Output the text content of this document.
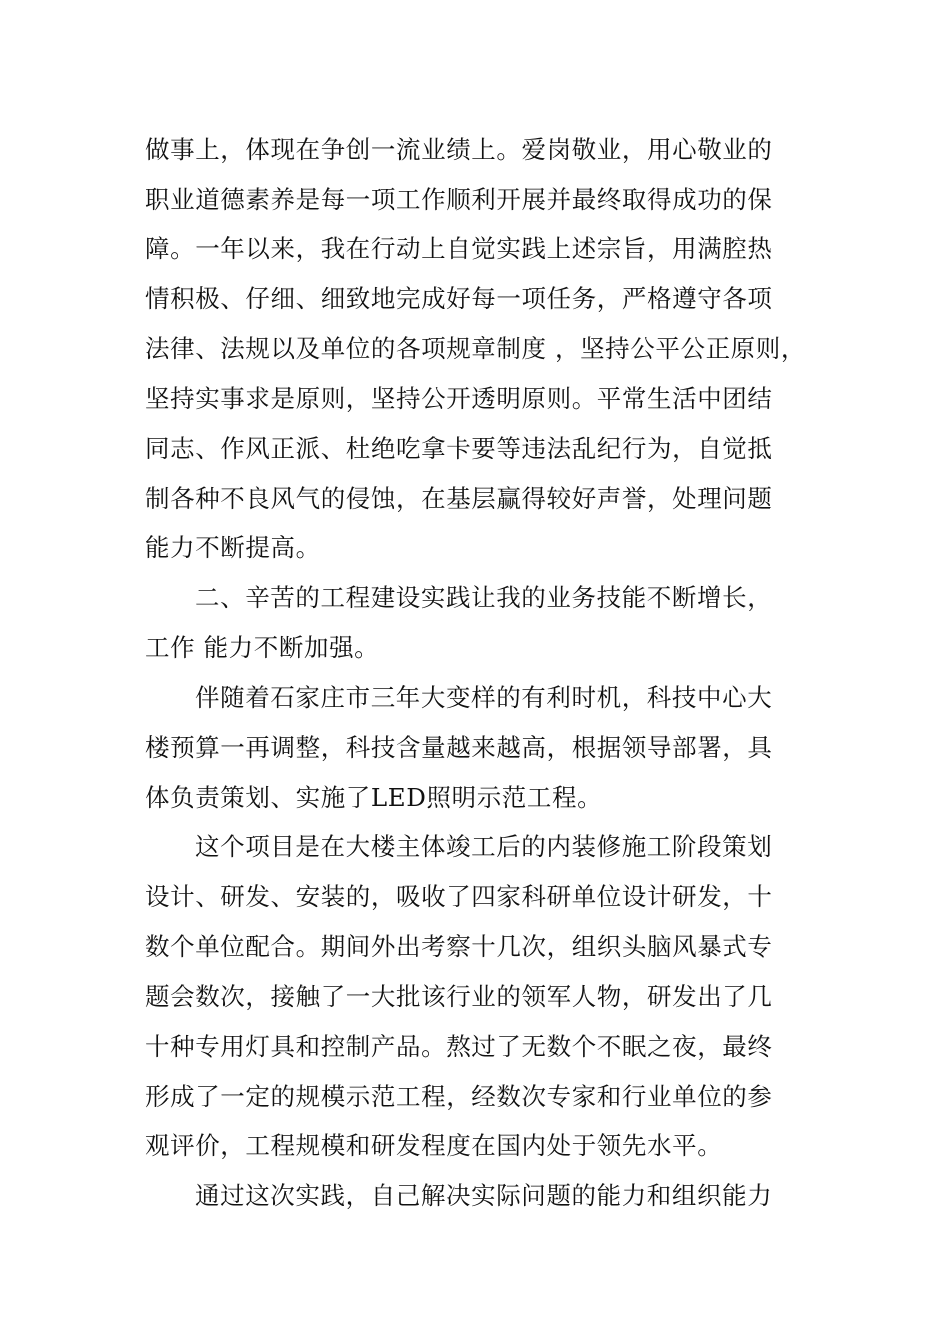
做事上，体现在争创一流业绩上。爱岗敬业，用心敬业的

职业道德素养是每一项工作顺利开展并最终取得成功的保

障。一年以来，我在行动上自觉实践上述宗旨，用满腔热

情积极、仔细、细致地完成好每一项任务，严格遵守各项

法律、法规以及单位的各项规章制度 ，坚持公平公正原则，

坚持实事求是原则，坚持公开透明原则。平常生活中团结

同志、作风正派、杜绝吃拿卡要等违法乱纪行为，自觉抵

制各种不良风气的侵蚀，在基层赢得较好声誉，处理问题

能力不断提高。

二、辛苦的工程建设实践让我的业务技能不断增长，

工作 能力不断加强。

伴随着石家庄市三年大变样的有利时机，科技中心大

楼预算一再调整，科技含量越来越高，根据领导部署，具

体负责策划、实施了LED照明示范工程。

这个项目是在大楼主体竣工后的内装修施工阶段策划

设计、研发、安装的，吸收了四家科研单位设计研发，十

数个单位配合。期间外出考察十几次，组织头脑风暴式专

题会数次，接触了一大批该行业的领军人物，研发出了几

十种专用灯具和控制产品。熬过了无数个不眠之夜，最终

形成了一定的规模示范工程，经数次专家和行业单位的参

观评价，工程规模和研发程度在国内处于领先水平。

通过这次实践，自己解决实际问题的能力和组织能力
